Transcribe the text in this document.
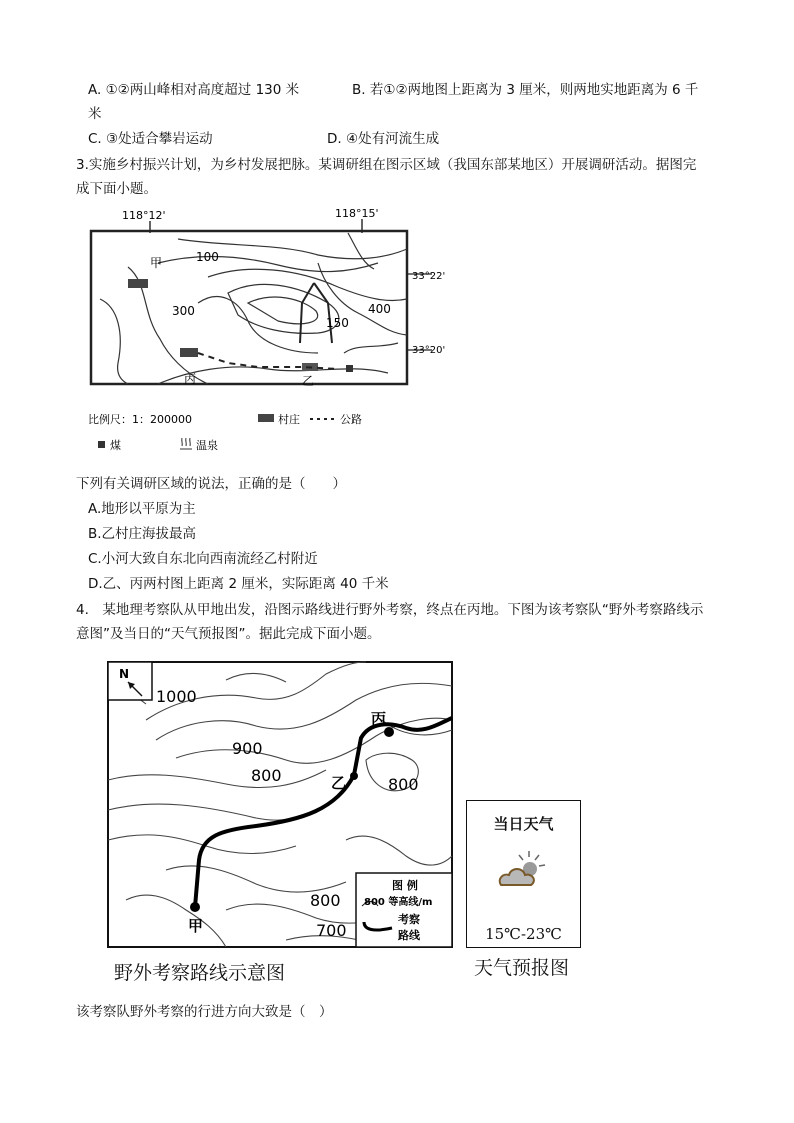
A. ①②两山峰相对高度超过 130 米	B. 若①②两地图上距离为 3 厘米，则两地实地距离为 6 千
米
C. ③处适合攀岩运动	D. ④处有河流生成
3.实施乡村振兴计划，为乡村发展把脉。某调研组在图示区域（我国东部某地区）开展调研活动。据图完
成下面小题。
118°12'	118°15'
33°22'
33°20'
100
300
150
400
甲
丙	乙
比例尺：1：200000	村庄	公路
煤	温泉
下列有关调研区域的说法，正确的是（　　）
A.地形以平原为主
B.乙村庄海拔最高
C.小河大致自东北向西南流经乙村附近
D.乙、丙两村图上距离 2 厘米，实际距离 40 千米
4.　某地理考察队从甲地出发，沿图示路线进行野外考察，终点在丙地。下图为该考察队“野外考察路线示
意图”及当日的“天气预报图”。据此完成下面小题。
甲
乙
丙
1000
900
800	800
800
700
N
图 例
800 等高线/m
考察
路线
野外考察路线示意图
当日天气
15℃-23℃
天气预报图
该考察队野外考察的行进方向大致是（　）
